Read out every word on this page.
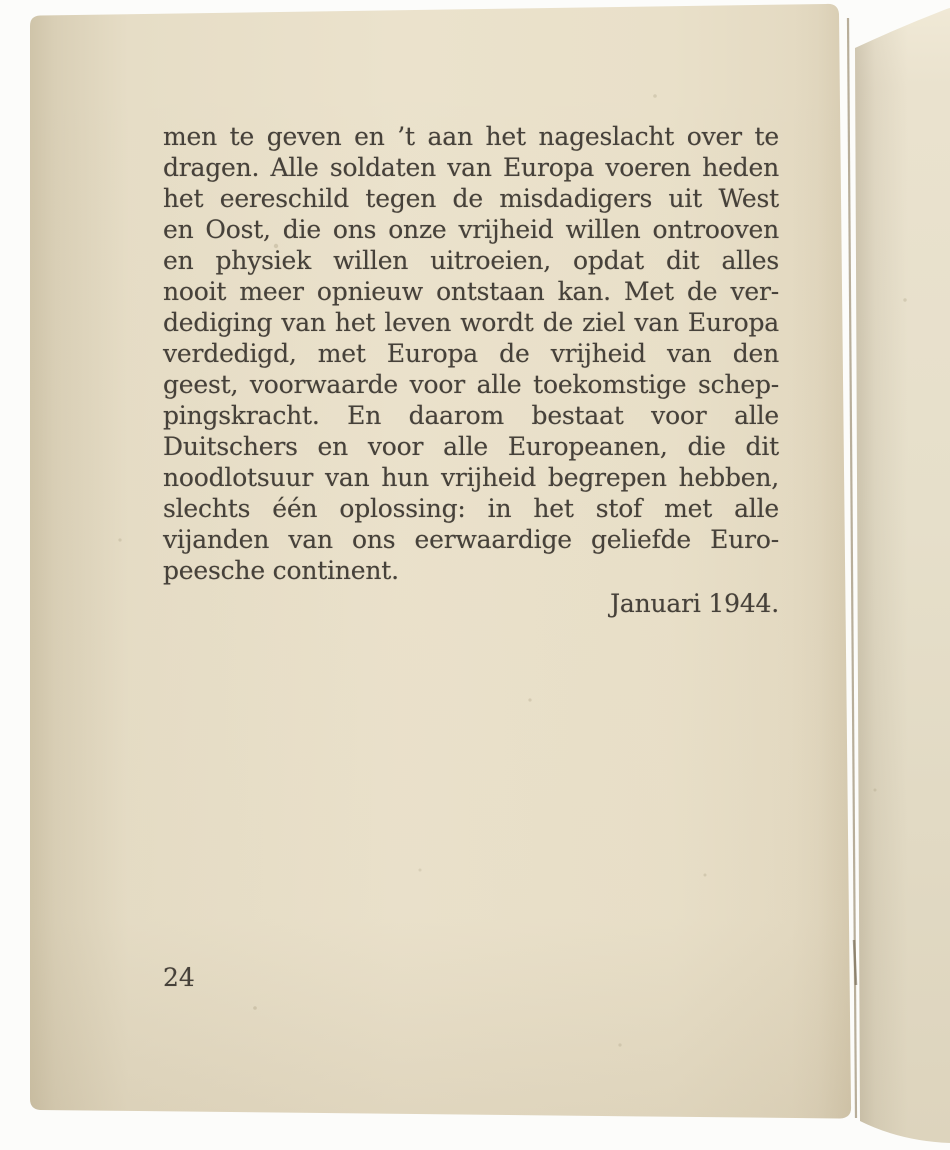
men te geven en ’t aan het nageslacht over te
dragen. Alle soldaten van Europa voeren heden
het eereschild tegen de misdadigers uit West
en Oost, die ons onze vrijheid willen ontrooven
en physiek willen uitroeien, opdat dit alles
nooit meer opnieuw ontstaan kan. Met de ver-
dediging van het leven wordt de ziel van Europa
verdedigd, met Europa de vrijheid van den
geest, voorwaarde voor alle toekomstige schep-
pingskracht. En daarom bestaat voor alle
Duitschers en voor alle Europeanen, die dit
noodlotsuur van hun vrijheid begrepen hebben,
slechts één oplossing: in het stof met alle
vijanden van ons eerwaardige geliefde Euro-
peesche continent.
Januari 1944.
24
